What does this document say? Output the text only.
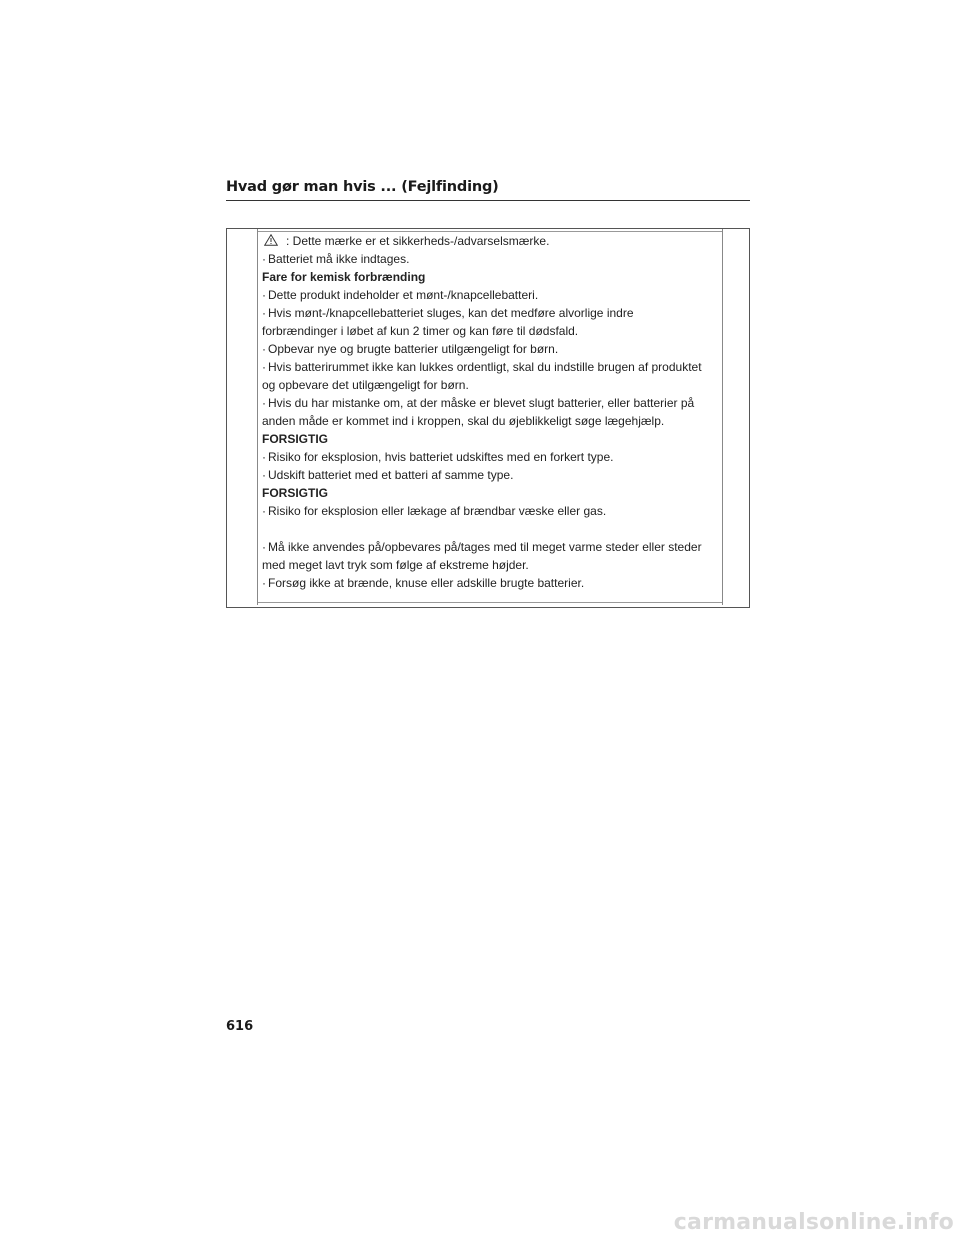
Hvad gør man hvis ... (Fejlfinding)
: Dette mærke er et sikkerheds-/advarselsmærke.
· Batteriet må ikke indtages.
Fare for kemisk forbrænding
· Dette produkt indeholder et mønt-/knapcellebatteri.
· Hvis mønt-/knapcellebatteriet sluges, kan det medføre alvorlige indre
forbrændinger i løbet af kun 2 timer og kan føre til dødsfald.
· Opbevar nye og brugte batterier utilgængeligt for børn.
· Hvis batterirummet ikke kan lukkes ordentligt, skal du indstille brugen af produktet
og opbevare det utilgængeligt for børn.
· Hvis du har mistanke om, at der måske er blevet slugt batterier, eller batterier på
anden måde er kommet ind i kroppen, skal du øjeblikkeligt søge lægehjælp.
FORSIGTIG
· Risiko for eksplosion, hvis batteriet udskiftes med en forkert type.
· Udskift batteriet med et batteri af samme type.
FORSIGTIG
· Risiko for eksplosion eller lækage af brændbar væske eller gas.
· Må ikke anvendes på/opbevares på/tages med til meget varme steder eller steder
med meget lavt tryk som følge af ekstreme højder.
· Forsøg ikke at brænde, knuse eller adskille brugte batterier.
616
carmanualsonline.info
